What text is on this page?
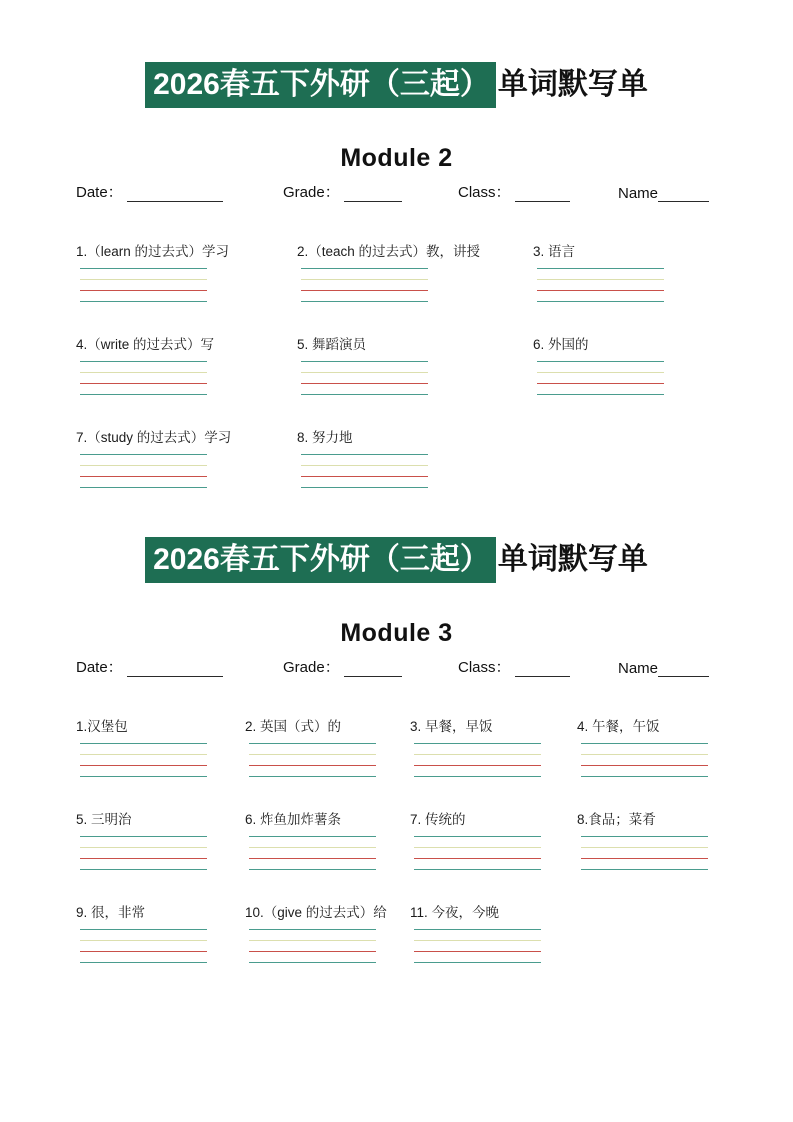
2026春五下外研（三起） 单词默写单
Module 2
Date：	Grade：	Class：	Name
1.（learn 的过去式）学习	2.（teach 的过去式）教，讲授	3. 语言
4.（write 的过去式）写	5. 舞蹈演员	6. 外国的
7.（study 的过去式）学习	8. 努力地
2026春五下外研（三起） 单词默写单
Module 3
Date：	Grade：	Class：	Name
1.汉堡包	2. 英国（式）的	3. 早餐，早饭	4. 午餐，午饭
5. 三明治	6. 炸鱼加炸薯条	7. 传统的	8.食品；菜肴
9. 很，非常	10.（give 的过去式）给	11. 今夜，今晚
